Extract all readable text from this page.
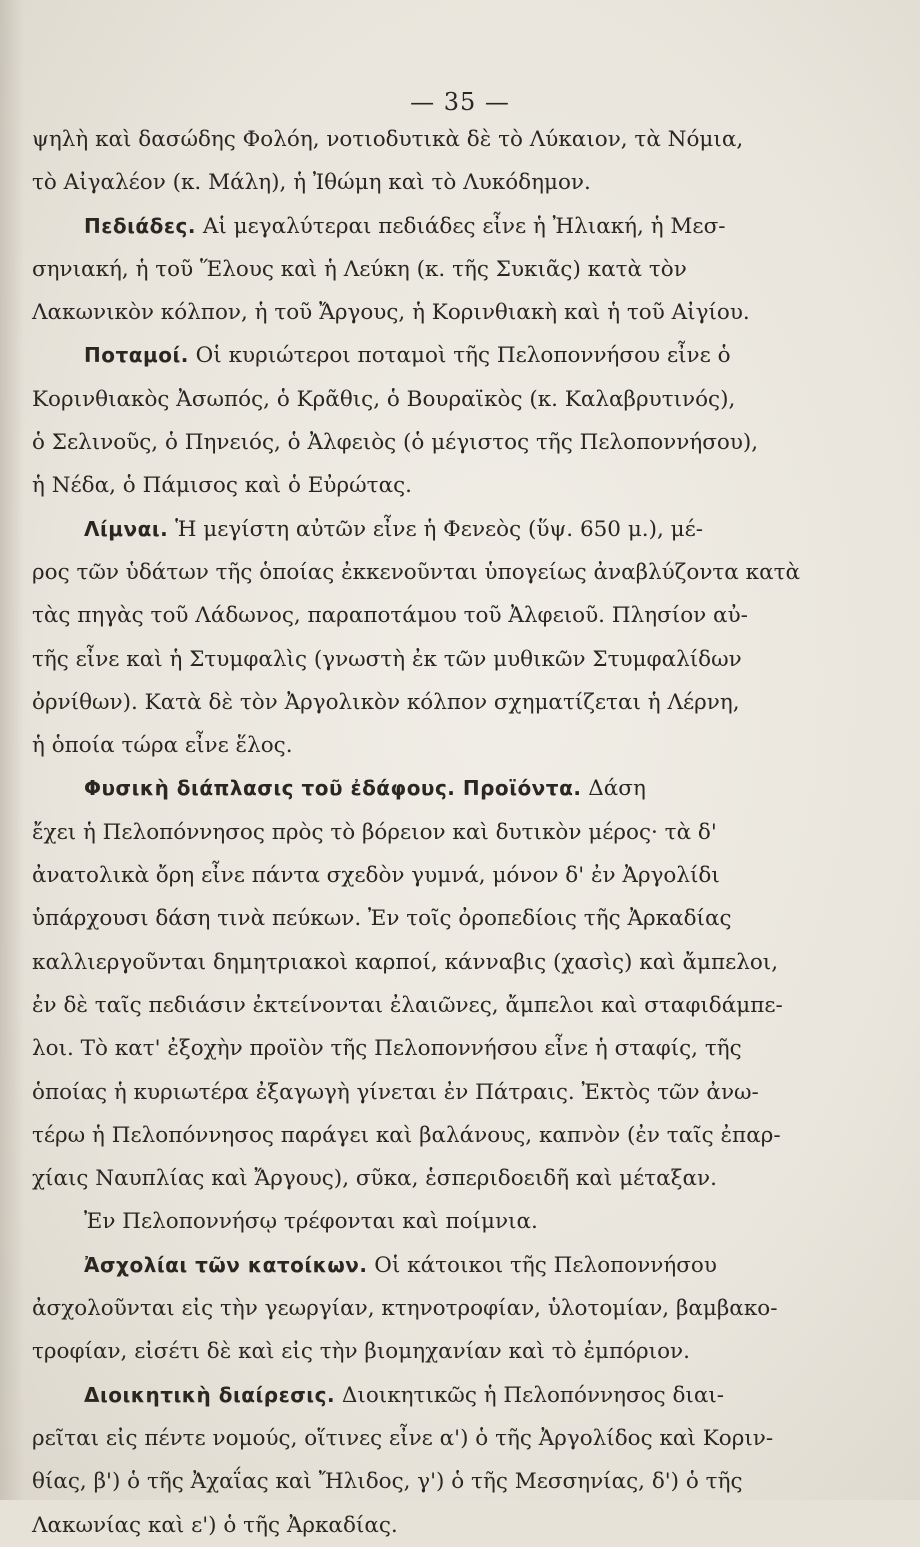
— 35 —
ψηλὴ καὶ δασώδης Φολόη, νοτιοδυτικὰ δὲ τὸ Λύκαιον, τὰ Νόμια,
τὸ Αἰγαλέον (κ. Μάλη), ἡ Ἰθώμη καὶ τὸ Λυκόδημον.
Πεδιάδες. Αἱ μεγαλύτεραι πεδιάδες εἶνε ἡ Ἠλιακή, ἡ Μεσ-
σηνιακή, ἡ τοῦ Ἕλους καὶ ἡ Λεύκη (κ. τῆς Συκιᾶς) κατὰ τὸν
Λακωνικὸν κόλπον, ἡ τοῦ Ἄργους, ἡ Κορινθιακὴ καὶ ἡ τοῦ Αἰγίου.
Ποταμοί. Οἱ κυριώτεροι ποταμοὶ τῆς Πελοποννήσου εἶνε ὁ
Κορινθιακὸς Ἀσωπός, ὁ Κρᾶθις, ὁ Βουραϊκὸς (κ. Καλαβρυτινός),
ὁ Σελινοῦς, ὁ Πηνειός, ὁ Ἀλφειὸς (ὁ μέγιστος τῆς Πελοποννήσου),
ἡ Νέδα, ὁ Πάμισος καὶ ὁ Εὐρώτας.
Λίμναι. Ἡ μεγίστη αὐτῶν εἶνε ἡ Φενεὸς (ὕψ. 650 μ.), μέ-
ρος τῶν ὑδάτων τῆς ὁποίας ἐκκενοῦνται ὑπογείως ἀναβλύζοντα κατὰ
τὰς πηγὰς τοῦ Λάδωνος, παραποτάμου τοῦ Ἀλφειοῦ. Πλησίον αὐ-
τῆς εἶνε καὶ ἡ Στυμφαλὶς (γνωστὴ ἐκ τῶν μυθικῶν Στυμφαλίδων
ὀρνίθων). Κατὰ δὲ τὸν Ἀργολικὸν κόλπον σχηματίζεται ἡ Λέρνη,
ἡ ὁποία τώρα εἶνε ἕλος.
Φυσικὴ διάπλασις τοῦ ἐδάφους. Προϊόντα. Δάση
ἔχει ἡ Πελοπόννησος πρὸς τὸ βόρειον καὶ δυτικὸν μέρος· τὰ δ'
ἀνατολικὰ ὄρη εἶνε πάντα σχεδὸν γυμνά, μόνον δ' ἐν Ἀργολίδι
ὑπάρχουσι δάση τινὰ πεύκων. Ἐν τοῖς ὀροπεδίοις τῆς Ἀρκαδίας
καλλιεργοῦνται δημητριακοὶ καρποί, κάνναβις (χασὶς) καὶ ἄμπελοι,
ἐν δὲ ταῖς πεδιάσιν ἐκτείνονται ἐλαιῶνες, ἄμπελοι καὶ σταφιδάμπε-
λοι. Τὸ κατ' ἐξοχὴν προϊὸν τῆς Πελοποννήσου εἶνε ἡ σταφίς, τῆς
ὁποίας ἡ κυριωτέρα ἐξαγωγὴ γίνεται ἐν Πάτραις. Ἐκτὸς τῶν ἀνω-
τέρω ἡ Πελοπόννησος παράγει καὶ βαλάνους, καπνὸν (ἐν ταῖς ἐπαρ-
χίαις Ναυπλίας καὶ Ἄργους), σῦκα, ἑσπεριδοειδῆ καὶ μέταξαν.
Ἐν Πελοποννήσῳ τρέφονται καὶ ποίμνια.
Ἀσχολίαι τῶν κατοίκων. Οἱ κάτοικοι τῆς Πελοποννήσου
ἀσχολοῦνται εἰς τὴν γεωργίαν, κτηνοτροφίαν, ὑλοτομίαν, βαμβακο-
τροφίαν, εἰσέτι δὲ καὶ εἰς τὴν βιομηχανίαν καὶ τὸ ἐμπόριον.
Διοικητικὴ διαίρεσις. Διοικητικῶς ἡ Πελοπόννησος διαι-
ρεῖται εἰς πέντε νομούς, οἵτινες εἶνε α') ὁ τῆς Ἀργολίδος καὶ Κοριν-
θίας, β') ὁ τῆς Ἀχαΐας καὶ Ἤλιδος, γ') ὁ τῆς Μεσσηνίας, δ') ὁ τῆς
Λακωνίας καὶ ε') ὁ τῆς Ἀρκαδίας.
